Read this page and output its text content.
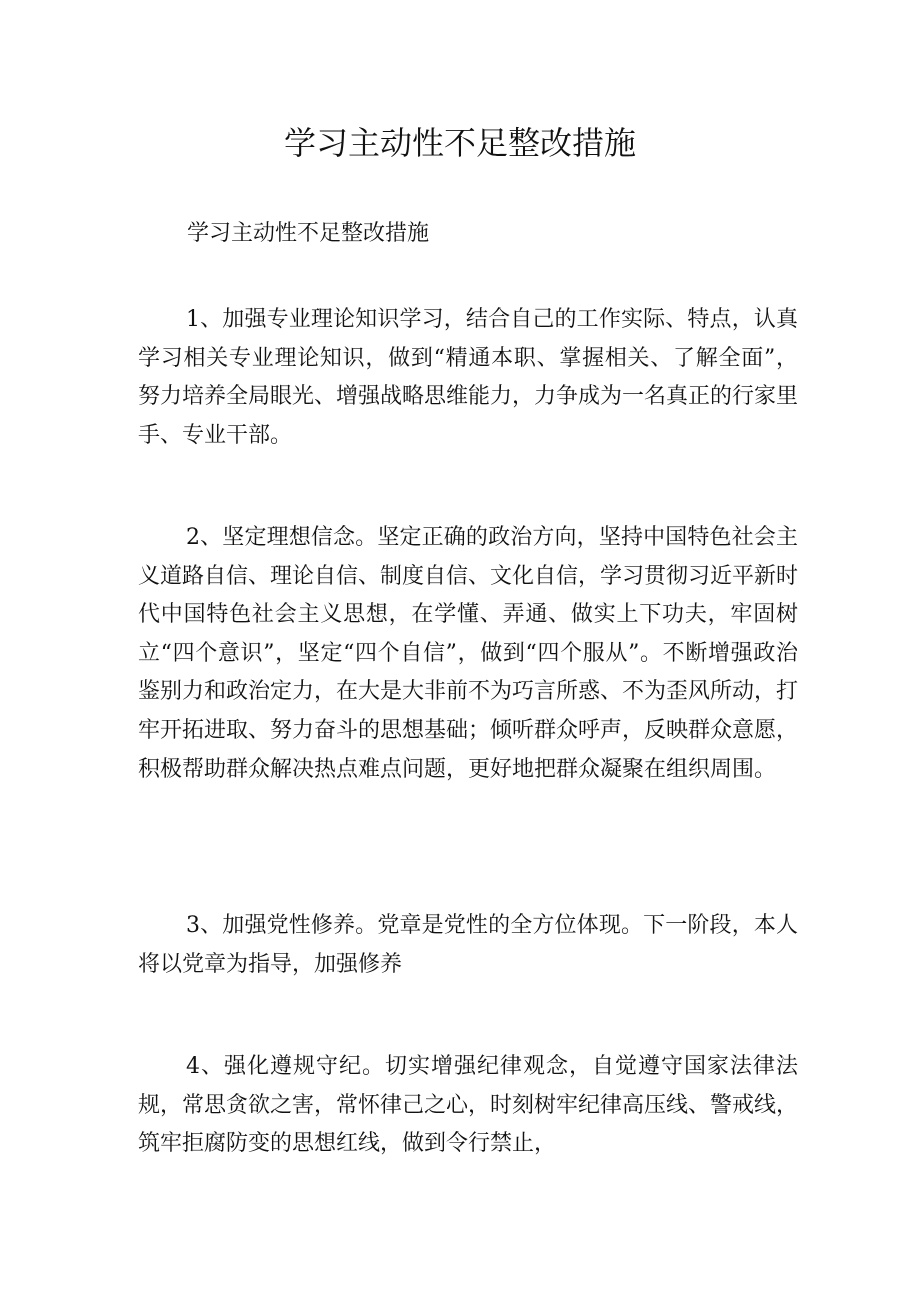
学习主动性不足整改措施

学习主动性不足整改措施

1、加强专业理论知识学习，结合自己的工作实际、特点，认真学习相关专业理论知识，做到“精通本职、掌握相关、了解全面”，努力培养全局眼光、增强战略思维能力，力争成为一名真正的行家里手、专业干部。

2、坚定理想信念。坚定正确的政治方向，坚持中国特色社会主义道路自信、理论自信、制度自信、文化自信，学习贯彻习近平新时代中国特色社会主义思想，在学懂、弄通、做实上下功夫，牢固树立“四个意识”，坚定“四个自信”，做到“四个服从”。不断增强政治鉴别力和政治定力，在大是大非前不为巧言所惑、不为歪风所动，打牢开拓进取、努力奋斗的思想基础；倾听群众呼声，反映群众意愿，积极帮助群众解决热点难点问题，更好地把群众凝聚在组织周围。

3、加强党性修养。党章是党性的全方位体现。下一阶段，本人将以党章为指导，加强修养

4、强化遵规守纪。切实增强纪律观念，自觉遵守国家法律法规，常思贪欲之害，常怀律己之心，时刻树牢纪律高压线、警戒线，筑牢拒腐防变的思想红线，做到令行禁止，
